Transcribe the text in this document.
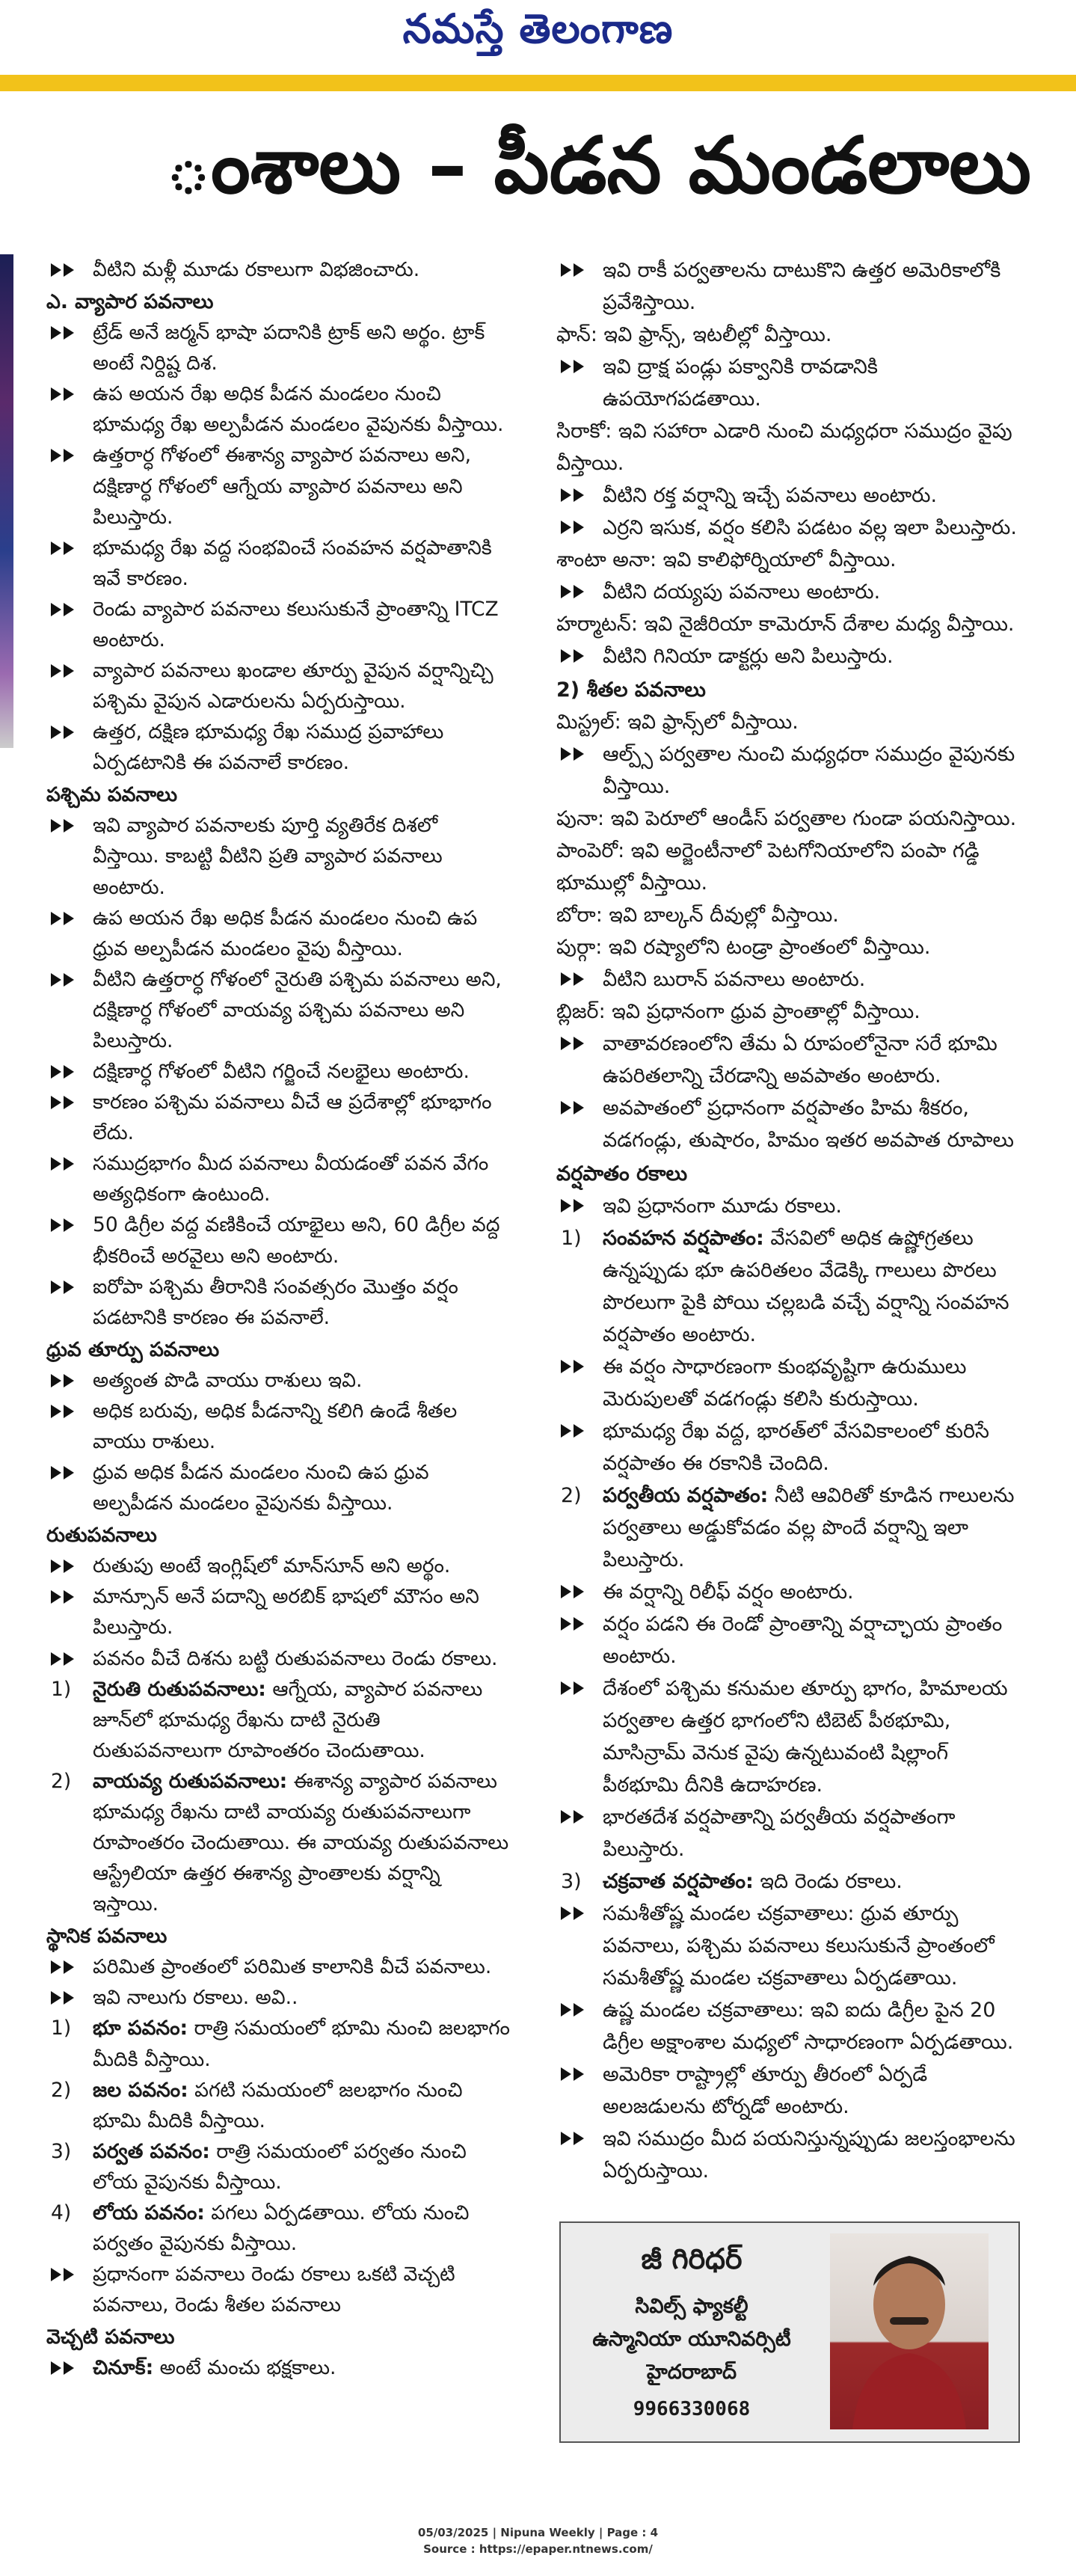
నమస్తే తెలంగాణ
ంశాలు – పీడన మండలాలు
వీటిని మళ్లీ మూడు రకాలుగా విభజించారు.
ఎ. వ్యాపార పవనాలు
ట్రేడ్ అనే జర్మన్ భాషా పదానికి ట్రాక్ అని అర్థం. ట్రాక్ అంటే నిర్దిష్ట దిశ.
ఉప అయన రేఖ అధిక పీడన మండలం నుంచి భూమధ్య రేఖ అల్పపీడన మండలం వైపునకు వీస్తాయి.
ఉత్తరార్ధ గోళంలో ఈశాన్య వ్యాపార పవనాలు అని, దక్షిణార్ధ గోళంలో ఆగ్నేయ వ్యాపార పవనాలు అని పిలుస్తారు.
భూమధ్య రేఖ వద్ద సంభవించే సంవహన వర్షపాతానికి ఇవే కారణం.
రెండు వ్యాపార పవనాలు కలుసుకునే ప్రాంతాన్ని ITCZ అంటారు.
వ్యాపార పవనాలు ఖండాల తూర్పు వైపున వర్షాన్నిచ్చి పశ్చిమ వైపున ఎడారులను ఏర్పరుస్తాయి.
ఉత్తర, దక్షిణ భూమధ్య రేఖ సముద్ర ప్రవాహాలు ఏర్పడటానికి ఈ పవనాలే కారణం.
పశ్చిమ పవనాలు
ఇవి వ్యాపార పవనాలకు పూర్తి వ్యతిరేక దిశలో వీస్తాయి. కాబట్టి వీటిని ప్రతి వ్యాపార పవనాలు అంటారు.
ఉప అయన రేఖ అధిక పీడన మండలం నుంచి ఉప ధ్రువ అల్పపీడన మండలం వైపు వీస్తాయి.
వీటిని ఉత్తరార్ధ గోళంలో నైరుతి పశ్చిమ పవనాలు అని, దక్షిణార్ధ గోళంలో వాయవ్య పశ్చిమ పవనాలు అని పిలుస్తారు.
దక్షిణార్ధ గోళంలో వీటిని గర్జించే నలభైలు అంటారు.
కారణం పశ్చిమ పవనాలు వీచే ఆ ప్రదేశాల్లో భూభాగం లేదు.
సముద్రభాగం మీద పవనాలు వీయడంతో పవన వేగం అత్యధికంగా ఉంటుంది.
50 డిగ్రీల వద్ద వణికించే యాభైలు అని, 60 డిగ్రీల వద్ద భీకరించే అరవైలు అని అంటారు.
ఐరోపా పశ్చిమ తీరానికి సంవత్సరం మొత్తం వర్షం పడటానికి కారణం ఈ పవనాలే.
ధ్రువ తూర్పు పవనాలు
అత్యంత పొడి వాయు రాశులు ఇవి.
అధిక బరువు, అధిక పీడనాన్ని కలిగి ఉండే శీతల వాయు రాశులు.
ధ్రువ అధిక పీడన మండలం నుంచి ఉప ధ్రువ అల్పపీడన మండలం వైపునకు వీస్తాయి.
రుతుపవనాలు
రుతుపు అంటే ఇంగ్లిష్‌లో మాన్‌సూన్ అని అర్థం.
మాన్సూన్ అనే పదాన్ని అరబిక్ భాషలో మౌసం అని పిలుస్తారు.
పవనం వీచే దిశను బట్టి రుతుపవనాలు రెండు రకాలు.
1)	నైరుతి రుతుపవనాలు: ఆగ్నేయ, వ్యాపార పవనాలు జూన్‌లో భూమధ్య రేఖను దాటి నైరుతి రుతుపవనాలుగా రూపాంతరం చెందుతాయి.
2)	వాయవ్య రుతుపవనాలు: ఈశాన్య వ్యాపార పవనాలు భూమధ్య రేఖను దాటి వాయవ్య రుతుపవనాలుగా రూపాంతరం చెందుతాయి. ఈ వాయవ్య రుతుపవనాలు ఆస్ట్రేలియా ఉత్తర ఈశాన్య ప్రాంతాలకు వర్షాన్ని ఇస్తాయి.
స్థానిక పవనాలు
పరిమిత ప్రాంతంలో పరిమిత కాలానికి వీచే పవనాలు.
ఇవి నాలుగు రకాలు. అవి..
1)	భూ పవనం: రాత్రి సమయంలో భూమి నుంచి జలభాగం మీదికి వీస్తాయి.
2)	జల పవనం: పగటి సమయంలో జలభాగం నుంచి భూమి మీదికి వీస్తాయి.
3)	పర్వత పవనం: రాత్రి సమయంలో పర్వతం నుంచి లోయ వైపునకు వీస్తాయి.
4)	లోయ పవనం: పగలు ఏర్పడతాయి. లోయ నుంచి పర్వతం వైపునకు వీస్తాయి.
ప్రధానంగా పవనాలు రెండు రకాలు ఒకటి వెచ్చటి పవనాలు, రెండు శీతల పవనాలు
వెచ్చటి పవనాలు
చినూక్: అంటే మంచు భక్షకాలు.
ఇవి రాకీ పర్వతాలను దాటుకొని ఉత్తర అమెరికాలోకి ప్రవేశిస్తాయి.
ఫాన్: ఇవి ఫ్రాన్స్, ఇటలీల్లో వీస్తాయి.
ఇవి ద్రాక్ష పండ్లు పక్వానికి రావడానికి ఉపయోగపడతాయి.
సిరాకో: ఇవి సహారా ఎడారి నుంచి మధ్యధరా సముద్రం వైపు వీస్తాయి.
వీటిని రక్త వర్షాన్ని ఇచ్చే పవనాలు అంటారు.
ఎర్రని ఇసుక, వర్షం కలిసి పడటం వల్ల ఇలా పిలుస్తారు.
శాంటా అనా: ఇవి కాలిఫోర్నియాలో వీస్తాయి.
వీటిని దయ్యపు పవనాలు అంటారు.
హర్మాటన్: ఇవి నైజీరియా కామెరూన్ దేశాల మధ్య వీస్తాయి.
వీటిని గినియా డాక్టర్లు అని పిలుస్తారు.
2) శీతల పవనాలు
మిస్ట్రల్: ఇవి ఫ్రాన్స్‌లో వీస్తాయి.
ఆల్ప్స్ పర్వతాల నుంచి మధ్యధరా సముద్రం వైపునకు వీస్తాయి.
పునా: ఇవి పెరూలో ఆండీస్ పర్వతాల గుండా పయనిస్తాయి.
పాంపెరో: ఇవి అర్జెంటీనాలో పెటగోనియాలోని పంపా గడ్డి భూముల్లో వీస్తాయి.
బోరా: ఇవి బాల్కన్ దీవుల్లో వీస్తాయి.
పుర్గా: ఇవి రష్యాలోని టండ్రా ప్రాంతంలో వీస్తాయి.
వీటిని బురాన్ పవనాలు అంటారు.
బ్లిజర్: ఇవి ప్రధానంగా ధ్రువ ప్రాంతాల్లో వీస్తాయి.
వాతావరణంలోని తేమ ఏ రూపంలోనైనా సరే భూమి ఉపరితలాన్ని చేరడాన్ని అవపాతం అంటారు.
అవపాతంలో ప్రధానంగా వర్షపాతం హిమ శీకరం, వడగండ్లు, తుషారం, హిమం ఇతర అవపాత రూపాలు
వర్షపాతం రకాలు
ఇవి ప్రధానంగా మూడు రకాలు.
1)	సంవహన వర్షపాతం: వేసవిలో అధిక ఉష్ణోగ్రతలు ఉన్నప్పుడు భూ ఉపరితలం వేడెక్కి గాలులు పొరలు పొరలుగా పైకి పోయి చల్లబడి వచ్చే వర్షాన్ని సంవహన వర్షపాతం అంటారు.
ఈ వర్షం సాధారణంగా కుంభవృష్టిగా ఉరుములు మెరుపులతో వడగండ్లు కలిసి కురుస్తాయి.
భూమధ్య రేఖ వద్ద, భారత్‌లో వేసవికాలంలో కురిసే వర్షపాతం ఈ రకానికి చెందిది.
2)	పర్వతీయ వర్షపాతం: నీటి ఆవిరితో కూడిన గాలులను పర్వతాలు అడ్డుకోవడం వల్ల పొందే వర్షాన్ని ఇలా పిలుస్తారు.
ఈ వర్షాన్ని రిలీఫ్ వర్షం అంటారు.
వర్షం పడని ఈ రెండో ప్రాంతాన్ని వర్షాచ్ఛాయ ప్రాంతం అంటారు.
దేశంలో పశ్చిమ కనుమల తూర్పు భాగం, హిమాలయ పర్వతాల ఉత్తర భాగంలోని టిబెట్ పీఠభూమి, మాసిన్రామ్ వెనుక వైపు ఉన్నటువంటి షిల్లాంగ్ పీఠభూమి దీనికి ఉదాహరణ.
భారతదేశ వర్షపాతాన్ని పర్వతీయ వర్షపాతంగా పిలుస్తారు.
3)	చక్రవాత వర్షపాతం: ఇది రెండు రకాలు.
సమశీతోష్ణ మండల చక్రవాతాలు: ధ్రువ తూర్పు పవనాలు, పశ్చిమ పవనాలు కలుసుకునే ప్రాంతంలో సమశీతోష్ణ మండల చక్రవాతాలు ఏర్పడతాయి.
ఉష్ణ మండల చక్రవాతాలు: ఇవి ఐదు డిగ్రీల పైన 20 డిగ్రీల అక్షాంశాల మధ్యలో సాధారణంగా ఏర్పడతాయి.
అమెరికా రాష్ట్రాల్లో తూర్పు తీరంలో ఏర్పడే అలజడులను టోర్నడో అంటారు.
ఇవి సముద్రం మీద పయనిస్తున్నప్పుడు జలస్తంభాలను ఏర్పరుస్తాయి.
జీ గిరిధర్
సివిల్స్ ఫ్యాకల్టీ
ఉస్మానియా యూనివర్సిటీ
హైదరాబాద్
9966330068
05/03/2025 | Nipuna Weekly | Page : 4
Source : https://epaper.ntnews.com/
